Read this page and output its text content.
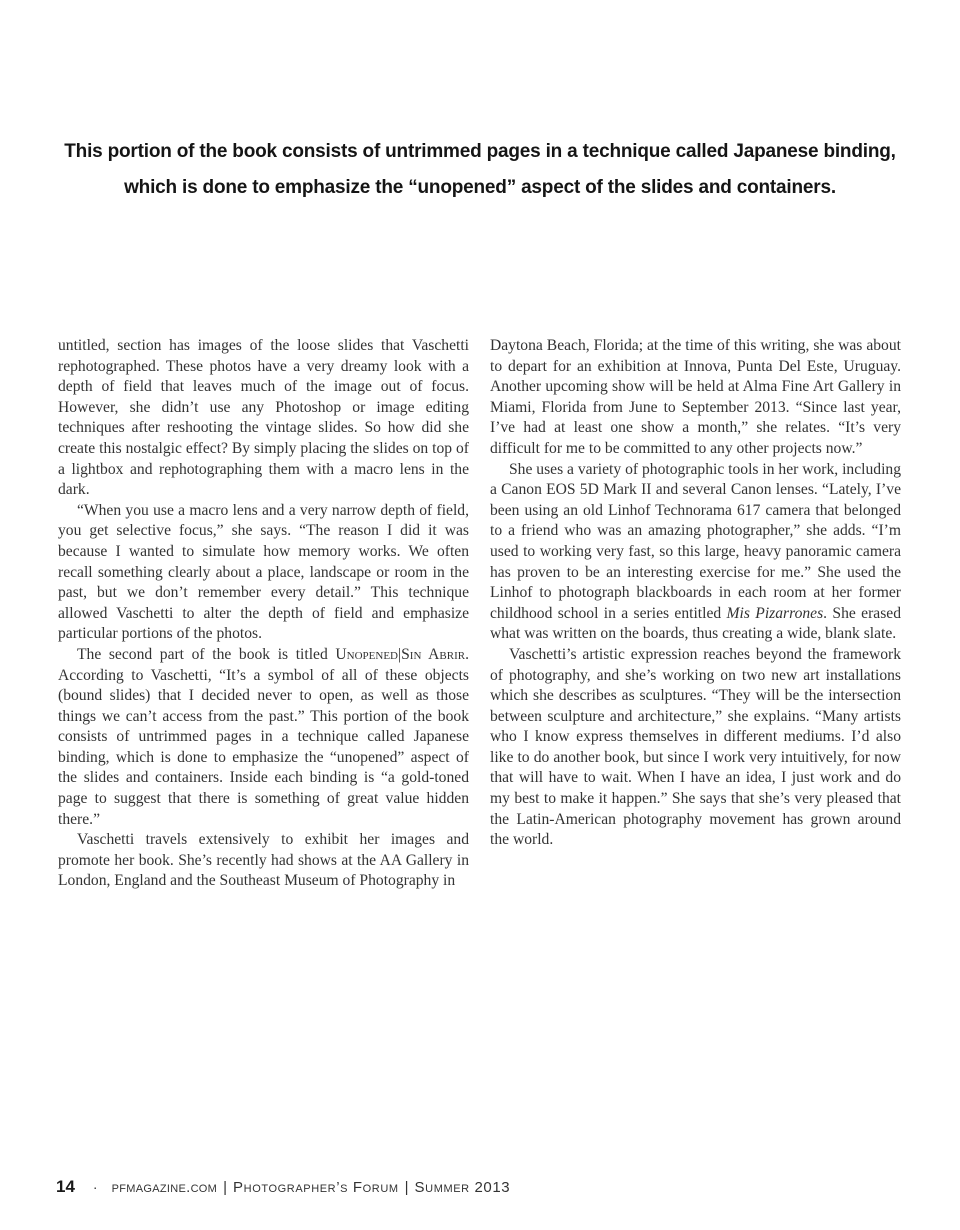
This portion of the book consists of untrimmed pages in a technique called Japanese binding,
which is done to emphasize the “unopened” aspect of the slides and containers.

untitled, section has images of the loose slides that Vaschetti rephotographed. These photos have a very dreamy look with a depth of field that leaves much of the image out of focus. However, she didn’t use any Photoshop or image editing techniques after reshooting the vintage slides. So how did she create this nostalgic effect? By simply placing the slides on top of a lightbox and rephotographing them with a macro lens in the dark.

“When you use a macro lens and a very narrow depth of field, you get selective focus,” she says. “The reason I did it was because I wanted to simulate how memory works. We often recall something clearly about a place, landscape or room in the past, but we don’t remember every detail.” This technique allowed Vaschetti to alter the depth of field and emphasize particular portions of the photos.

The second part of the book is titled Unopened|Sin Abrir. According to Vaschetti, “It’s a symbol of all of these objects (bound slides) that I decided never to open, as well as those things we can’t access from the past.” This portion of the book consists of untrimmed pages in a technique called Japanese binding, which is done to emphasize the “unopened” aspect of the slides and containers. Inside each binding is “a gold-toned page to suggest that there is something of great value hidden there.”

Vaschetti travels extensively to exhibit her images and promote her book. She’s recently had shows at the AA Gallery in London, England and the Southeast Museum of Photography in

Daytona Beach, Florida; at the time of this writing, she was about to depart for an exhibition at Innova, Punta Del Este, Uruguay. Another upcoming show will be held at Alma Fine Art Gallery in Miami, Florida from June to September 2013. “Since last year, I’ve had at least one show a month,” she relates. “It’s very difficult for me to be committed to any other projects now.”

She uses a variety of photographic tools in her work, including a Canon EOS 5D Mark II and several Canon lenses. “Lately, I’ve been using an old Linhof Technorama 617 camera that belonged to a friend who was an amazing photographer,” she adds. “I’m used to working very fast, so this large, heavy panoramic camera has proven to be an interesting exercise for me.” She used the Linhof to photograph blackboards in each room at her former childhood school in a series entitled Mis Pizarrones. She erased what was written on the boards, thus creating a wide, blank slate.

Vaschetti’s artistic expression reaches beyond the framework of photography, and she’s working on two new art installations which she describes as sculptures. “They will be the intersection between sculpture and architecture,” she explains. “Many artists who I know express themselves in different mediums. I’d also like to do another book, but since I work very intuitively, for now that will have to wait. When I have an idea, I just work and do my best to make it happen.” She says that she’s very pleased that the Latin-American photography movement has grown around the world.

14 · pfmagazine.com | Photographer’s Forum | Summer 2013
